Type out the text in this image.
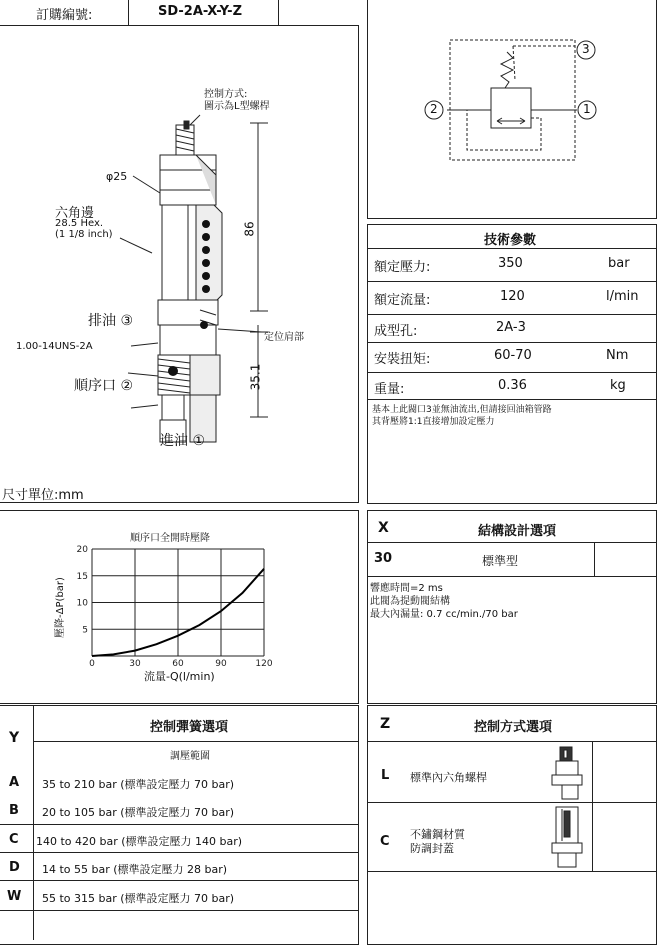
訂購編號:	SD-2A-X-Y-Z
控制方式:
圖示為L型螺桿
φ25
六角邊
28.5 Hex.
(1 1/8 inch)
排油 ③
1.00-14UNS-2A
順序口 ②
進油 ①
86
35.1
定位肩部
尺寸單位:mm
3
2	1
技術參數
額定壓力:	350	bar
額定流量:	120	l/min
成型孔:	2A-3
安裝扭矩:	60-70	Nm
重量:	0.36	kg
基本上此閥口3並無油流出,但請接回油箱管路
其背壓將1:1直接增加設定壓力
順序口全開時壓降
壓降-ΔP(bar)
流量-Q(l/min)
0	30	60	90	120
5
10
15
20
X	結構設計選項
30	標準型
響應時間=2 ms
此閥為提動閥結構
最大內漏量: 0.7 cc/min./70 bar
Y
控制彈簧選項
調壓範圍
A 35 to 210 bar (標準設定壓力 70 bar)
B 20 to 105 bar (標準設定壓力 70 bar)
C 140 to 420 bar (標準設定壓力 140 bar)
D 14 to 55 bar (標準設定壓力 28 bar)
W 55 to 315 bar (標準設定壓力 70 bar)
Z	控制方式選項
L 標準內六角螺桿
C 不鏽鋼材質
防調封蓋
